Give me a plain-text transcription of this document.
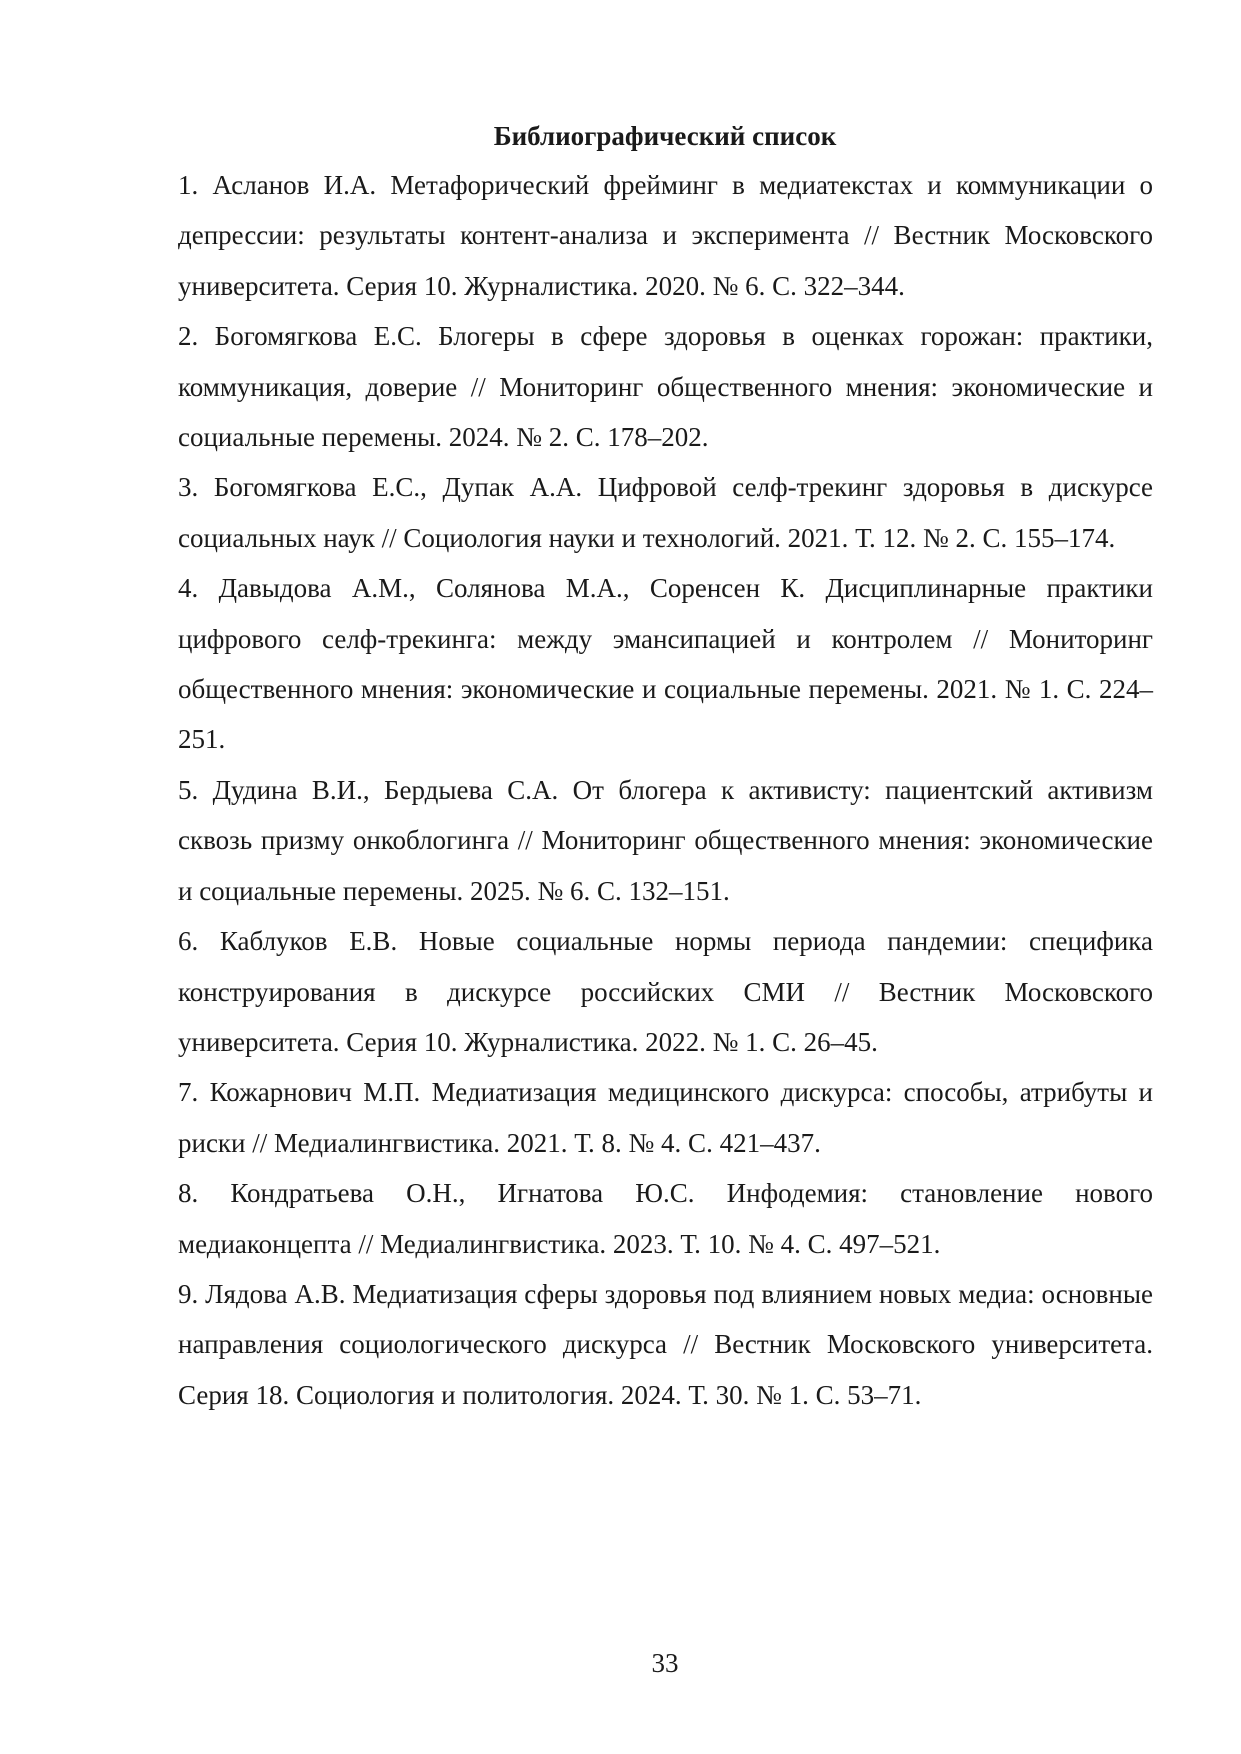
Библиографический список
1. Асланов И.А. Метафорический фрейминг в медиатекстах и коммуникации о депрессии: результаты контент-анализа и эксперимента // Вестник Московского университета. Серия 10. Журналистика. 2020. № 6. С. 322–344.
2. Богомягкова Е.С. Блогеры в сфере здоровья в оценках горожан: практики, коммуникация, доверие // Мониторинг общественного мнения: экономические и социальные перемены. 2024. № 2. С. 178–202.
3. Богомягкова Е.С., Дупак А.А. Цифровой селф-трекинг здоровья в дискурсе социальных наук // Социология науки и технологий. 2021. Т. 12. № 2. С. 155–174.
4. Давыдова А.М., Солянова М.А., Соренсен К. Дисциплинарные практики цифрового селф-трекинга: между эмансипацией и контролем // Мониторинг общественного мнения: экономические и социальные перемены. 2021. № 1. С. 224–251.
5. Дудина В.И., Бердыева С.А. От блогера к активисту: пациентский активизм сквозь призму онкоблогинга // Мониторинг общественного мнения: экономические и социальные перемены. 2025. № 6. С. 132–151.
6. Каблуков Е.В. Новые социальные нормы периода пандемии: специфика конструирования в дискурсе российских СМИ // Вестник Московского университета. Серия 10. Журналистика. 2022. № 1. С. 26–45.
7. Кожарнович М.П. Медиатизация медицинского дискурса: способы, атрибуты и риски // Медиалингвистика. 2021. Т. 8. № 4. С. 421–437.
8. Кондратьева О.Н., Игнатова Ю.С. Инфодемия: становление нового медиаконцепта // Медиалингвистика. 2023. Т. 10. № 4. С. 497–521.
9. Лядова А.В. Медиатизация сферы здоровья под влиянием новых медиа: основные направления социологического дискурса // Вестник Московского университета. Серия 18. Социология и политология. 2024. Т. 30. № 1. С. 53–71.
33
